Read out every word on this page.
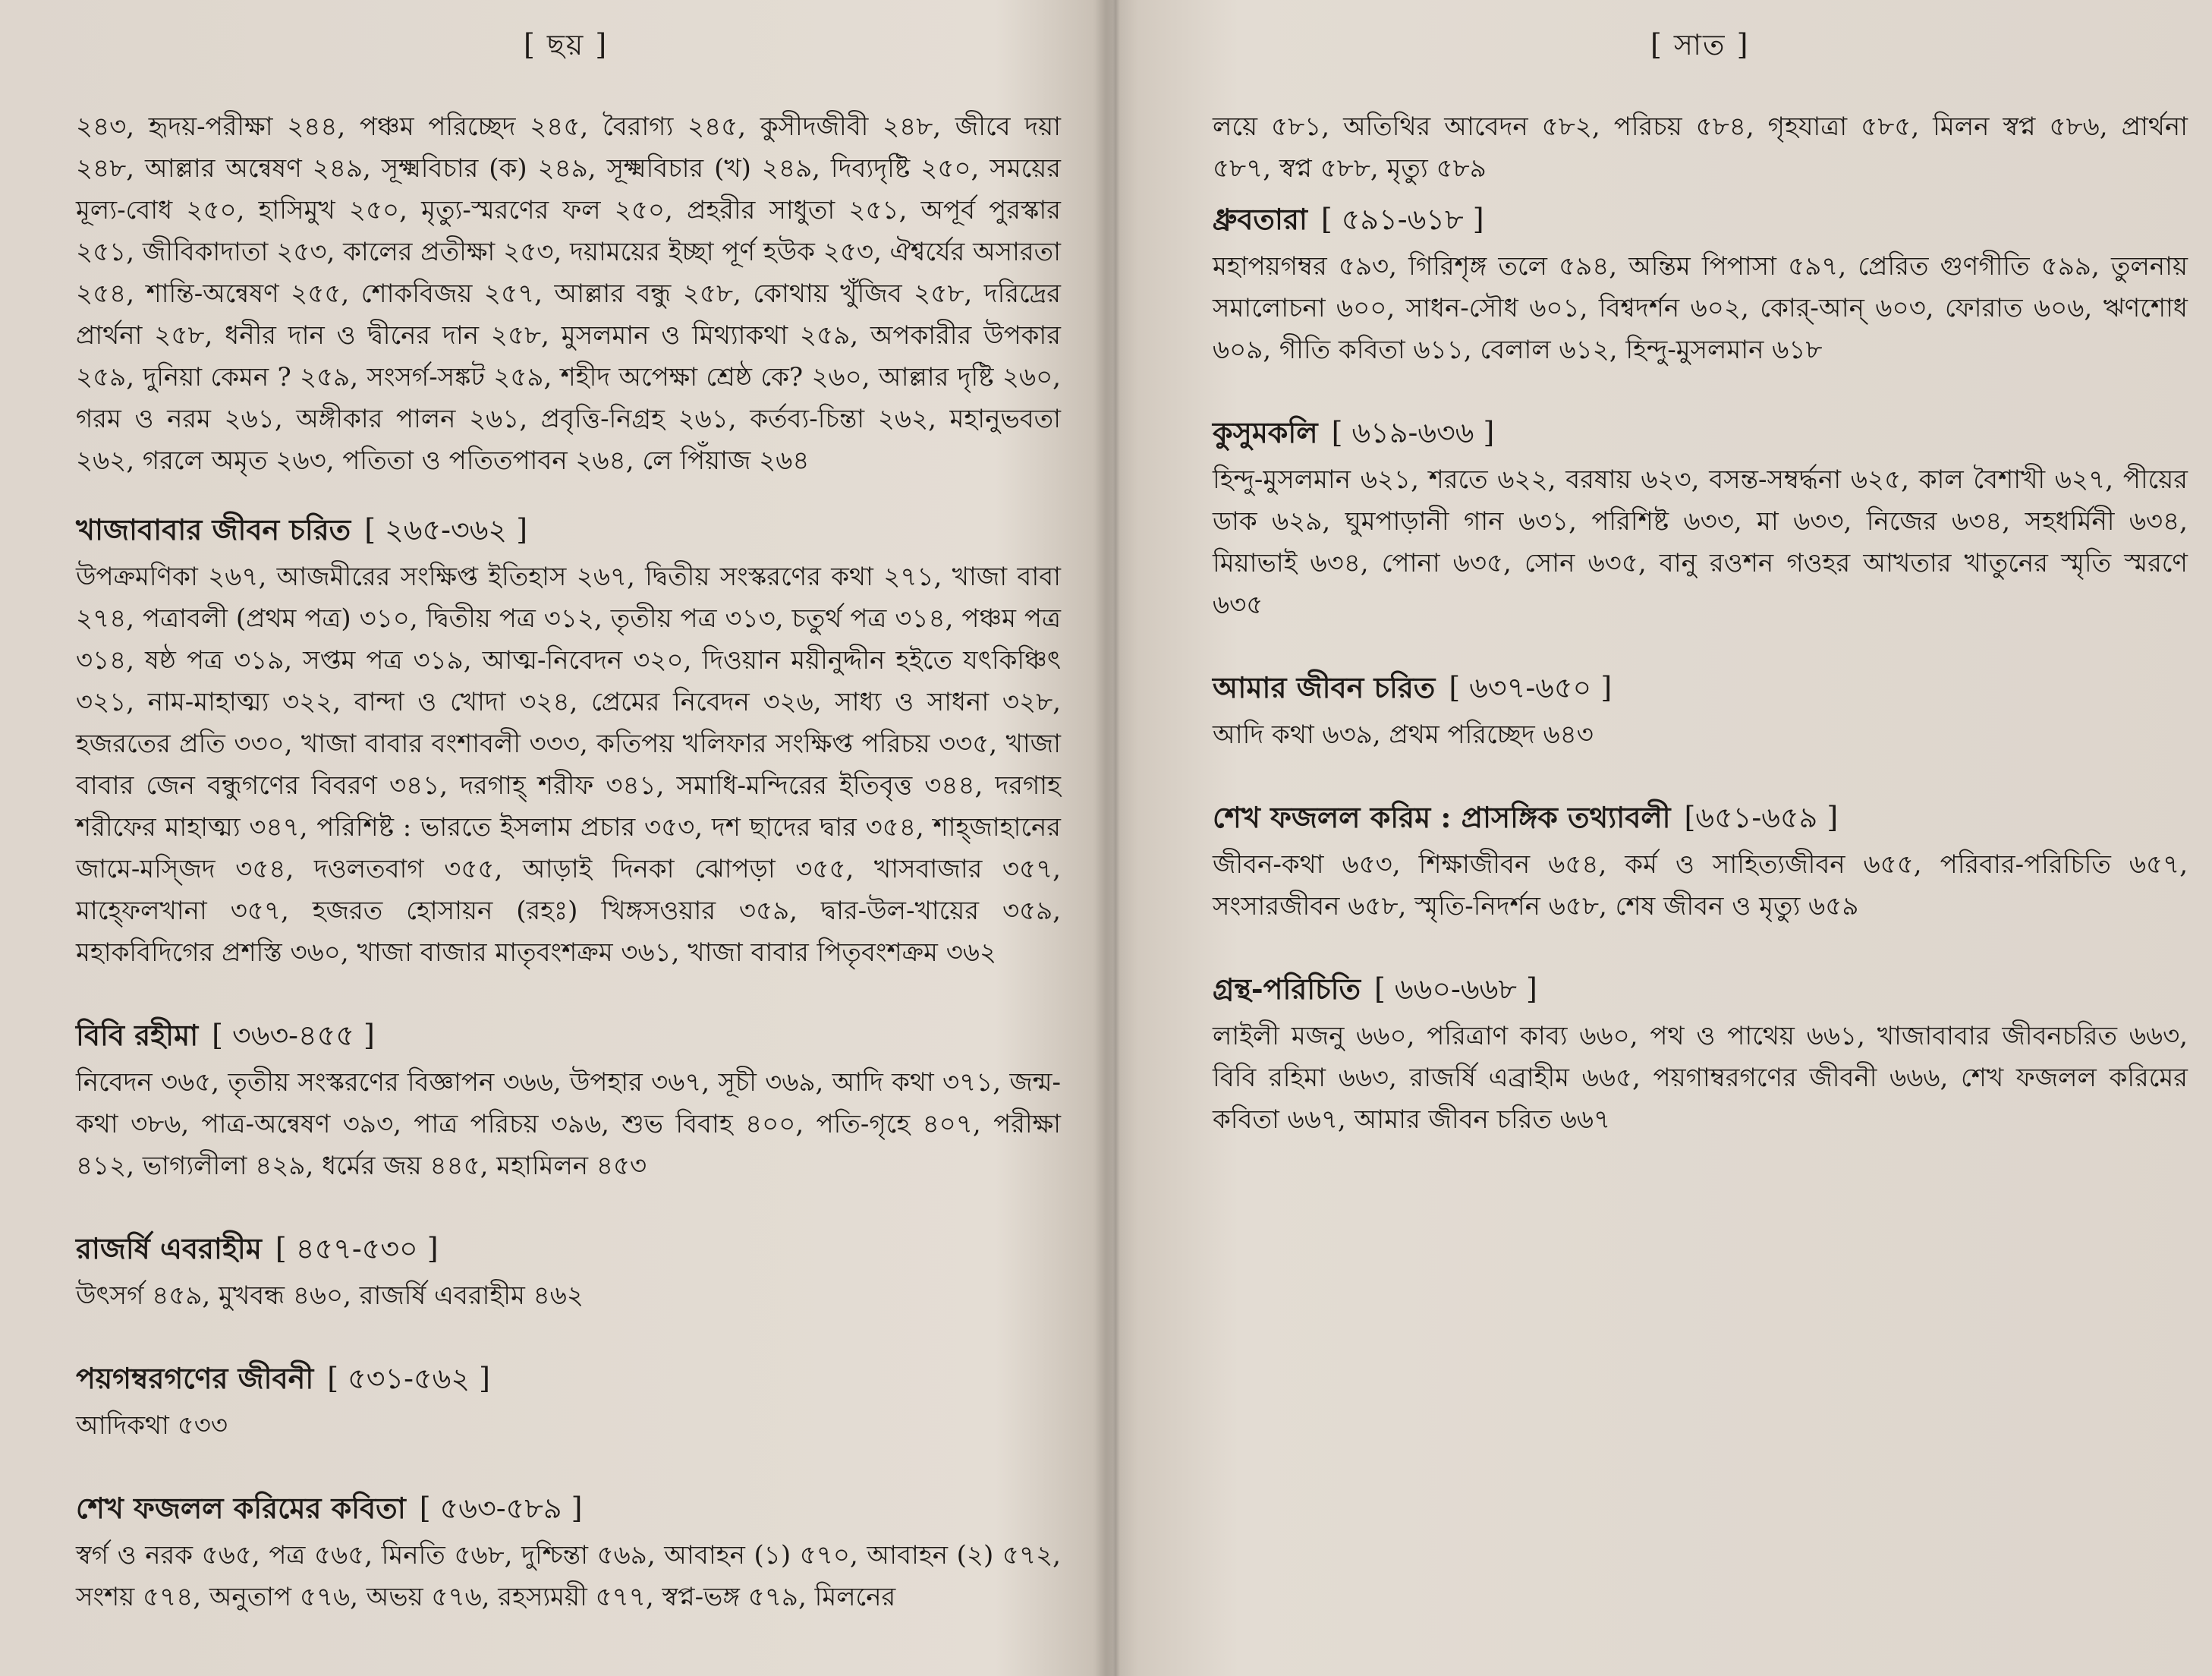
[ ছয় ]

২৪৩, হৃদয়-পরীক্ষা ২৪৪, পঞ্চম পরিচ্ছেদ ২৪৫, বৈরাগ্য ২৪৫, কুসীদজীবী ২৪৮, জীবে দয়া ২৪৮, আল্লার অন্বেষণ ২৪৯, সূক্ষ্মবিচার (ক) ২৪৯, সূক্ষ্মবিচার (খ) ২৪৯, দিব্যদৃষ্টি ২৫০, সময়ের মূল্য-বোধ ২৫০, হাসিমুখ ২৫০, মৃত্যু-স্মরণের ফল ২৫০, প্রহরীর সাধুতা ২৫১, অপূর্ব পুরস্কার ২৫১, জীবিকাদাতা ২৫৩, কালের প্রতীক্ষা ২৫৩, দয়াময়ের ইচ্ছা পূর্ণ হউক ২৫৩, ঐশ্বর্যের অসারতা ২৫৪, শান্তি-অন্বেষণ ২৫৫, শোকবিজয় ২৫৭, আল্লার বন্ধু ২৫৮, কোথায় খুঁজিব ২৫৮, দরিদ্রের প্রার্থনা ২৫৮, ধনীর দান ও দ্বীনের দান ২৫৮, মুসলমান ও মিথ্যাকথা ২৫৯, অপকারীর উপকার ২৫৯, দুনিয়া কেমন ? ২৫৯, সংসর্গ-সঙ্কট ২৫৯, শহীদ অপেক্ষা শ্রেষ্ঠ কে? ২৬০, আল্লার দৃষ্টি ২৬০, গরম ও নরম ২৬১, অঙ্গীকার পালন ২৬১, প্রবৃত্তি-নিগ্রহ ২৬১, কর্তব্য-চিন্তা ২৬২, মহানুভবতা ২৬২, গরলে অমৃত ২৬৩, পতিতা ও পতিতপাবন ২৬৪, লে পিঁয়াজ ২৬৪

খাজাবাবার জীবন চরিত [ ২৬৫-৩৬২ ]

উপক্রমণিকা ২৬৭, আজমীরের সংক্ষিপ্ত ইতিহাস ২৬৭, দ্বিতীয় সংস্করণের কথা ২৭১, খাজা বাবা ২৭৪, পত্রাবলী (প্রথম পত্র) ৩১০, দ্বিতীয় পত্র ৩১২, তৃতীয় পত্র ৩১৩, চতুর্থ পত্র ৩১৪, পঞ্চম পত্র ৩১৪, ষষ্ঠ পত্র ৩১৯, সপ্তম পত্র ৩১৯, আত্ম-নিবেদন ৩২০, দিওয়ান ময়ীনুদ্দীন হইতে যৎকিঞ্চিৎ ৩২১, নাম-মাহাত্ম্য ৩২২, বান্দা ও খোদা ৩২৪, প্রেমের নিবেদন ৩২৬, সাধ্য ও সাধনা ৩২৮, হজরতের প্রতি ৩৩০, খাজা বাবার বংশাবলী ৩৩৩, কতিপয় খলিফার সংক্ষিপ্ত পরিচয় ৩৩৫, খাজা বাবার জেন বন্ধুগণের বিবরণ ৩৪১, দরগাহ্ শরীফ ৩৪১, সমাধি-মন্দিরের ইতিবৃত্ত ৩৪৪, দরগাহ শরীফের মাহাত্ম্য ৩৪৭, পরিশিষ্ট : ভারতে ইসলাম প্রচার ৩৫৩, দশ ছাদের দ্বার ৩৫৪, শাহ্জাহানের জামে-মস্জিদ ৩৫৪, দওলতবাগ ৩৫৫, আড়াই দিনকা ঝোপড়া ৩৫৫, খাসবাজার ৩৫৭, মাহ্ফেলখানা ৩৫৭, হজরত হোসায়ন (রহঃ) খিঙ্গসওয়ার ৩৫৯, দ্বার-উল-খায়ের ৩৫৯, মহাকবিদিগের প্রশস্তি ৩৬০, খাজা বাজার মাতৃবংশক্রম ৩৬১, খাজা বাবার পিতৃবংশক্রম ৩৬২

বিবি রহীমা [ ৩৬৩-৪৫৫ ]

নিবেদন ৩৬৫, তৃতীয় সংস্করণের বিজ্ঞাপন ৩৬৬, উপহার ৩৬৭, সূচী ৩৬৯, আদি কথা ৩৭১, জন্ম-কথা ৩৮৬, পাত্র-অন্বেষণ ৩৯৩, পাত্র পরিচয় ৩৯৬, শুভ বিবাহ ৪০০, পতি-গৃহে ৪০৭, পরীক্ষা ৪১২, ভাগ্যলীলা ৪২৯, ধর্মের জয় ৪৪৫, মহামিলন ৪৫৩

রাজর্ষি এবরাহীম [ ৪৫৭-৫৩০ ]

উৎসর্গ ৪৫৯, মুখবন্ধ ৪৬০, রাজর্ষি এবরাহীম ৪৬২

পয়গম্বরগণের জীবনী [ ৫৩১-৫৬২ ]

আদিকথা ৫৩৩

শেখ ফজলল করিমের কবিতা [ ৫৬৩-৫৮৯ ]

স্বর্গ ও নরক ৫৬৫, পত্র ৫৬৫, মিনতি ৫৬৮, দুশ্চিন্তা ৫৬৯, আবাহন (১) ৫৭০, আবাহন (২) ৫৭২, সংশয় ৫৭৪, অনুতাপ ৫৭৬, অভয় ৫৭৬, রহস্যময়ী ৫৭৭, স্বপ্ন-ভঙ্গ ৫৭৯, মিলনের

[ সাত ]

লয়ে ৫৮১, অতিথির আবেদন ৫৮২, পরিচয় ৫৮৪, গৃহযাত্রা ৫৮৫, মিলন স্বপ্ন ৫৮৬, প্রার্থনা ৫৮৭, স্বপ্ন ৫৮৮, মৃত্যু ৫৮৯

ধ্রুবতারা [ ৫৯১-৬১৮ ]

মহাপয়গম্বর ৫৯৩, গিরিশৃঙ্গ তলে ৫৯৪, অন্তিম পিপাসা ৫৯৭, প্রেরিত গুণগীতি ৫৯৯, তুলনায় সমালোচনা ৬০০, সাধন-সৌধ ৬০১, বিশ্বদর্শন ৬০২, কোর্-আন্ ৬০৩, ফোরাত ৬০৬, ঋণশোধ ৬০৯, গীতি কবিতা ৬১১, বেলাল ৬১২, হিন্দু-মুসলমান ৬১৮

কুসুমকলি [ ৬১৯-৬৩৬ ]

হিন্দু-মুসলমান ৬২১, শরতে ৬২২, বরষায় ৬২৩, বসন্ত-সম্বর্দ্ধনা ৬২৫, কাল বৈশাখী ৬২৭, পীয়ের ডাক ৬২৯, ঘুমপাড়ানী গান ৬৩১, পরিশিষ্ট ৬৩৩, মা ৬৩৩, নিজের ৬৩৪, সহধর্মিনী ৬৩৪, মিয়াভাই ৬৩৪, পোনা ৬৩৫, সোন ৬৩৫, বানু রওশন গওহর আখতার খাতুনের স্মৃতি স্মরণে ৬৩৫

আমার জীবন চরিত [ ৬৩৭-৬৫০ ]

আদি কথা ৬৩৯, প্রথম পরিচ্ছেদ ৬৪৩

শেখ ফজলল করিম : প্রাসঙ্গিক তথ্যাবলী [৬৫১-৬৫৯ ]

জীবন-কথা ৬৫৩, শিক্ষাজীবন ৬৫৪, কর্ম ও সাহিত্যজীবন ৬৫৫, পরিবার-পরিচিতি ৬৫৭, সংসারজীবন ৬৫৮, স্মৃতি-নিদর্শন ৬৫৮, শেষ জীবন ও মৃত্যু ৬৫৯

গ্রন্থ-পরিচিতি [ ৬৬০-৬৬৮ ]

লাইলী মজনু ৬৬০, পরিত্রাণ কাব্য ৬৬০, পথ ও পাথেয় ৬৬১, খাজাবাবার জীবনচরিত ৬৬৩, বিবি রহিমা ৬৬৩, রাজর্ষি এব্রাহীম ৬৬৫, পয়গাম্বরগণের জীবনী ৬৬৬, শেখ ফজলল করিমের কবিতা ৬৬৭, আমার জীবন চরিত ৬৬৭
